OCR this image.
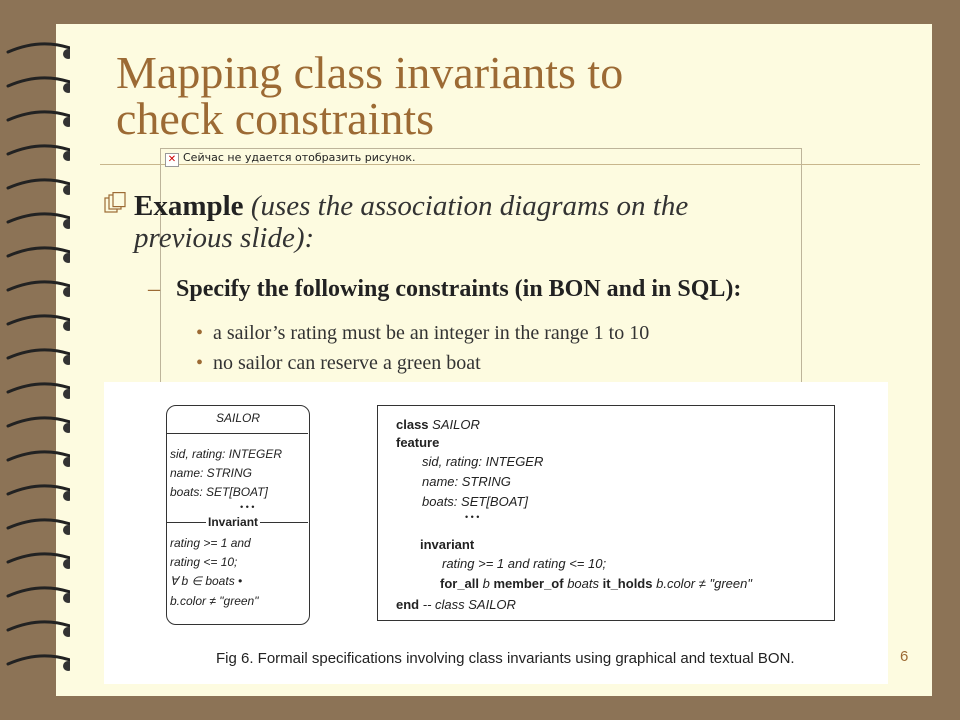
Mapping class invariants to
check constraints
✕ Сейчас не удается отобразить рисунок.
Example (uses the association diagrams on the
previous slide):
– Specify the following constraints (in BON and in SQL):
• a sailor’s rating must be an integer in the range 1 to 10
• no sailor can reserve a green boat
SAILOR
sid, rating: INTEGER
name: STRING
boats: SET[BOAT]
• • •
Invariant
rating >= 1 and
rating <= 10;
∀ b ∈ boats •
b.color ≠ "green"
class SAILOR
feature
sid, rating: INTEGER
name: STRING
boats: SET[BOAT]
• • •
invariant
rating >= 1 and rating <= 10;
for_all b member_of boats it_holds b.color ≠ "green"
end -- class SAILOR
Fig 6. Formail specifications involving class invariants using graphical and textual BON.	6
